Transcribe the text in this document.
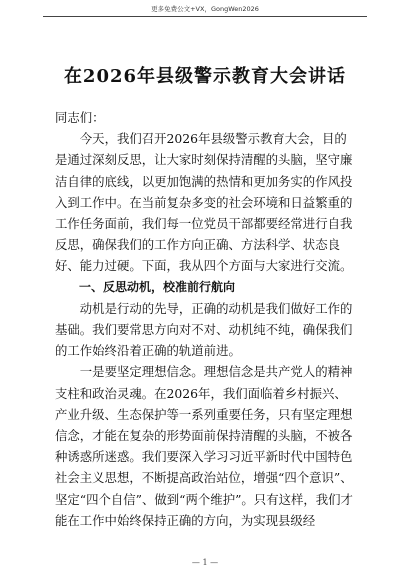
更多免费公文+VX，GongWen2026
在2026年县级警示教育大会讲话

同志们：

今天，我们召开2026年县级警示教育大会，目的是通过深刻反思，让大家时刻保持清醒的头脑，坚守廉洁自律的底线，以更加饱满的热情和更加务实的作风投入到工作中。在当前复杂多变的社会环境和日益繁重的工作任务面前，我们每一位党员干部都要经常进行自我反思，确保我们的工作方向正确、方法科学、状态良好、能力过硬。下面，我从四个方面与大家进行交流。

一、反思动机，校准前行航向

动机是行动的先导，正确的动机是我们做好工作的基础。我们要常思方向对不对、动机纯不纯，确保我们的工作始终沿着正确的轨道前进。

一是要坚定理想信念。理想信念是共产党人的精神支柱和政治灵魂。在2026年，我们面临着乡村振兴、产业升级、生态保护等一系列重要任务，只有坚定理想信念，才能在复杂的形势面前保持清醒的头脑，不被各种诱惑所迷惑。我们要深入学习习近平新时代中国特色社会主义思想，不断提高政治站位，增强“四个意识”、坚定“四个自信”、做到“两个维护”。只有这样，我们才能在工作中始终保持正确的方向，为实现县级经

— 1 —
